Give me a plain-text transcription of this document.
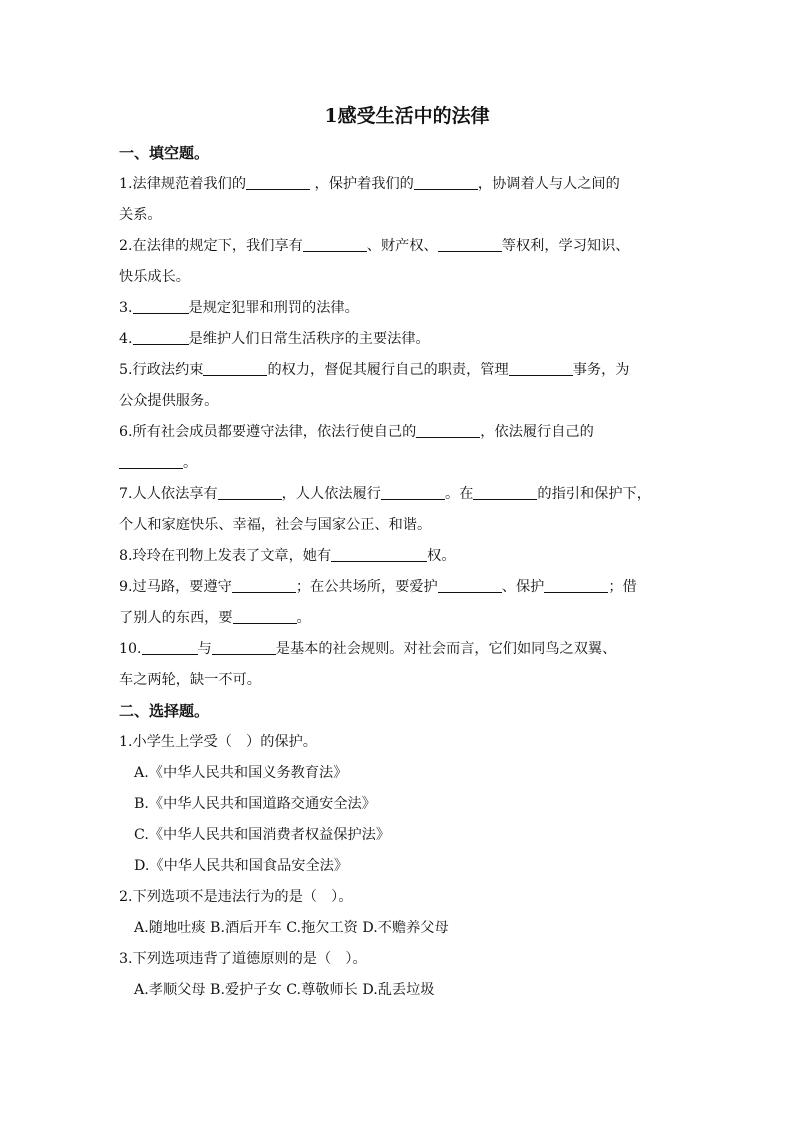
1感受生活中的法律
一、填空题。
1.法律规范着我们的	，保护着我们的	，协调着人与人之间的
关系。
2.在法律的规定下，我们享有	、财产权、	等权利，学习知识、
快乐成长。
3.	是规定犯罪和刑罚的法律。
4.	是维护人们日常生活秩序的主要法律。
5.行政法约束	的权力，督促其履行自己的职责，管理	事务，为
公众提供服务。
6.所有社会成员都要遵守法律，依法行使自己的	，依法履行自己的
。
7.人人依法享有	，人人依法履行	。在	的指引和保护下，
个人和家庭快乐、幸福，社会与国家公正、和谐。
8.玲玲在刊物上发表了文章，她有	权。
9.过马路，要遵守	；在公共场所，要爱护	、保护	；借
了别人的东西，要	。
10.	与	是基本的社会规则。对社会而言，它们如同鸟之双翼、
车之两轮，缺一不可。
二、选择题。
1.小学生上学受（　）的保护。
A.《中华人民共和国义务教育法》
B.《中华人民共和国道路交通安全法》
C.《中华人民共和国消费者权益保护法》
D.《中华人民共和国食品安全法》
2.下列选项不是违法行为的是（　）。
A.随地吐痰 B.酒后开车 C.拖欠工资 D.不赡养父母
3.下列选项违背了道德原则的是（　）。
A.孝顺父母 B.爱护子女 C.尊敬师长 D.乱丢垃圾
